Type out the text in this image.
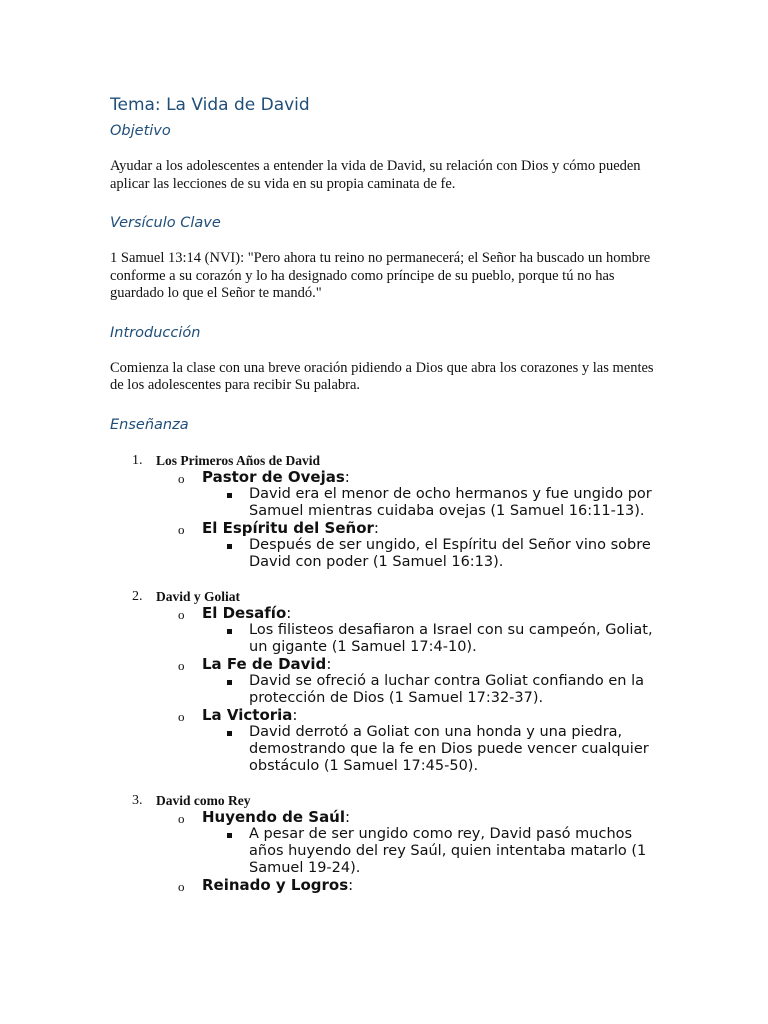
Tema: La Vida de David
Objetivo

Ayudar a los adolescentes a entender la vida de David, su relación con Dios y cómo pueden aplicar las lecciones de su vida en su propia caminata de fe.

Versículo Clave

1 Samuel 13:14 (NVI): "Pero ahora tu reino no permanecerá; el Señor ha buscado un hombre conforme a su corazón y lo ha designado como príncipe de su pueblo, porque tú no has guardado lo que el Señor te mandó."

Introducción

Comienza la clase con una breve oración pidiendo a Dios que abra los corazones y las mentes de los adolescentes para recibir Su palabra.

Enseñanza
1. Los Primeros Años de David
o Pastor de Ovejas:
David era el menor de ocho hermanos y fue ungido por Samuel mientras cuidaba ovejas (1 Samuel 16:11-13).
o El Espíritu del Señor:
Después de ser ungido, el Espíritu del Señor vino sobre David con poder (1 Samuel 16:13).
2. David y Goliat
o El Desafío:
Los filisteos desafiaron a Israel con su campeón, Goliat, un gigante (1 Samuel 17:4-10).
o La Fe de David:
David se ofreció a luchar contra Goliat confiando en la protección de Dios (1 Samuel 17:32-37).
o La Victoria:
David derrotó a Goliat con una honda y una piedra, demostrando que la fe en Dios puede vencer cualquier obstáculo (1 Samuel 17:45-50).
3. David como Rey
o Huyendo de Saúl:
A pesar de ser ungido como rey, David pasó muchos años huyendo del rey Saúl, quien intentaba matarlo (1 Samuel 19-24).
o Reinado y Logros:
